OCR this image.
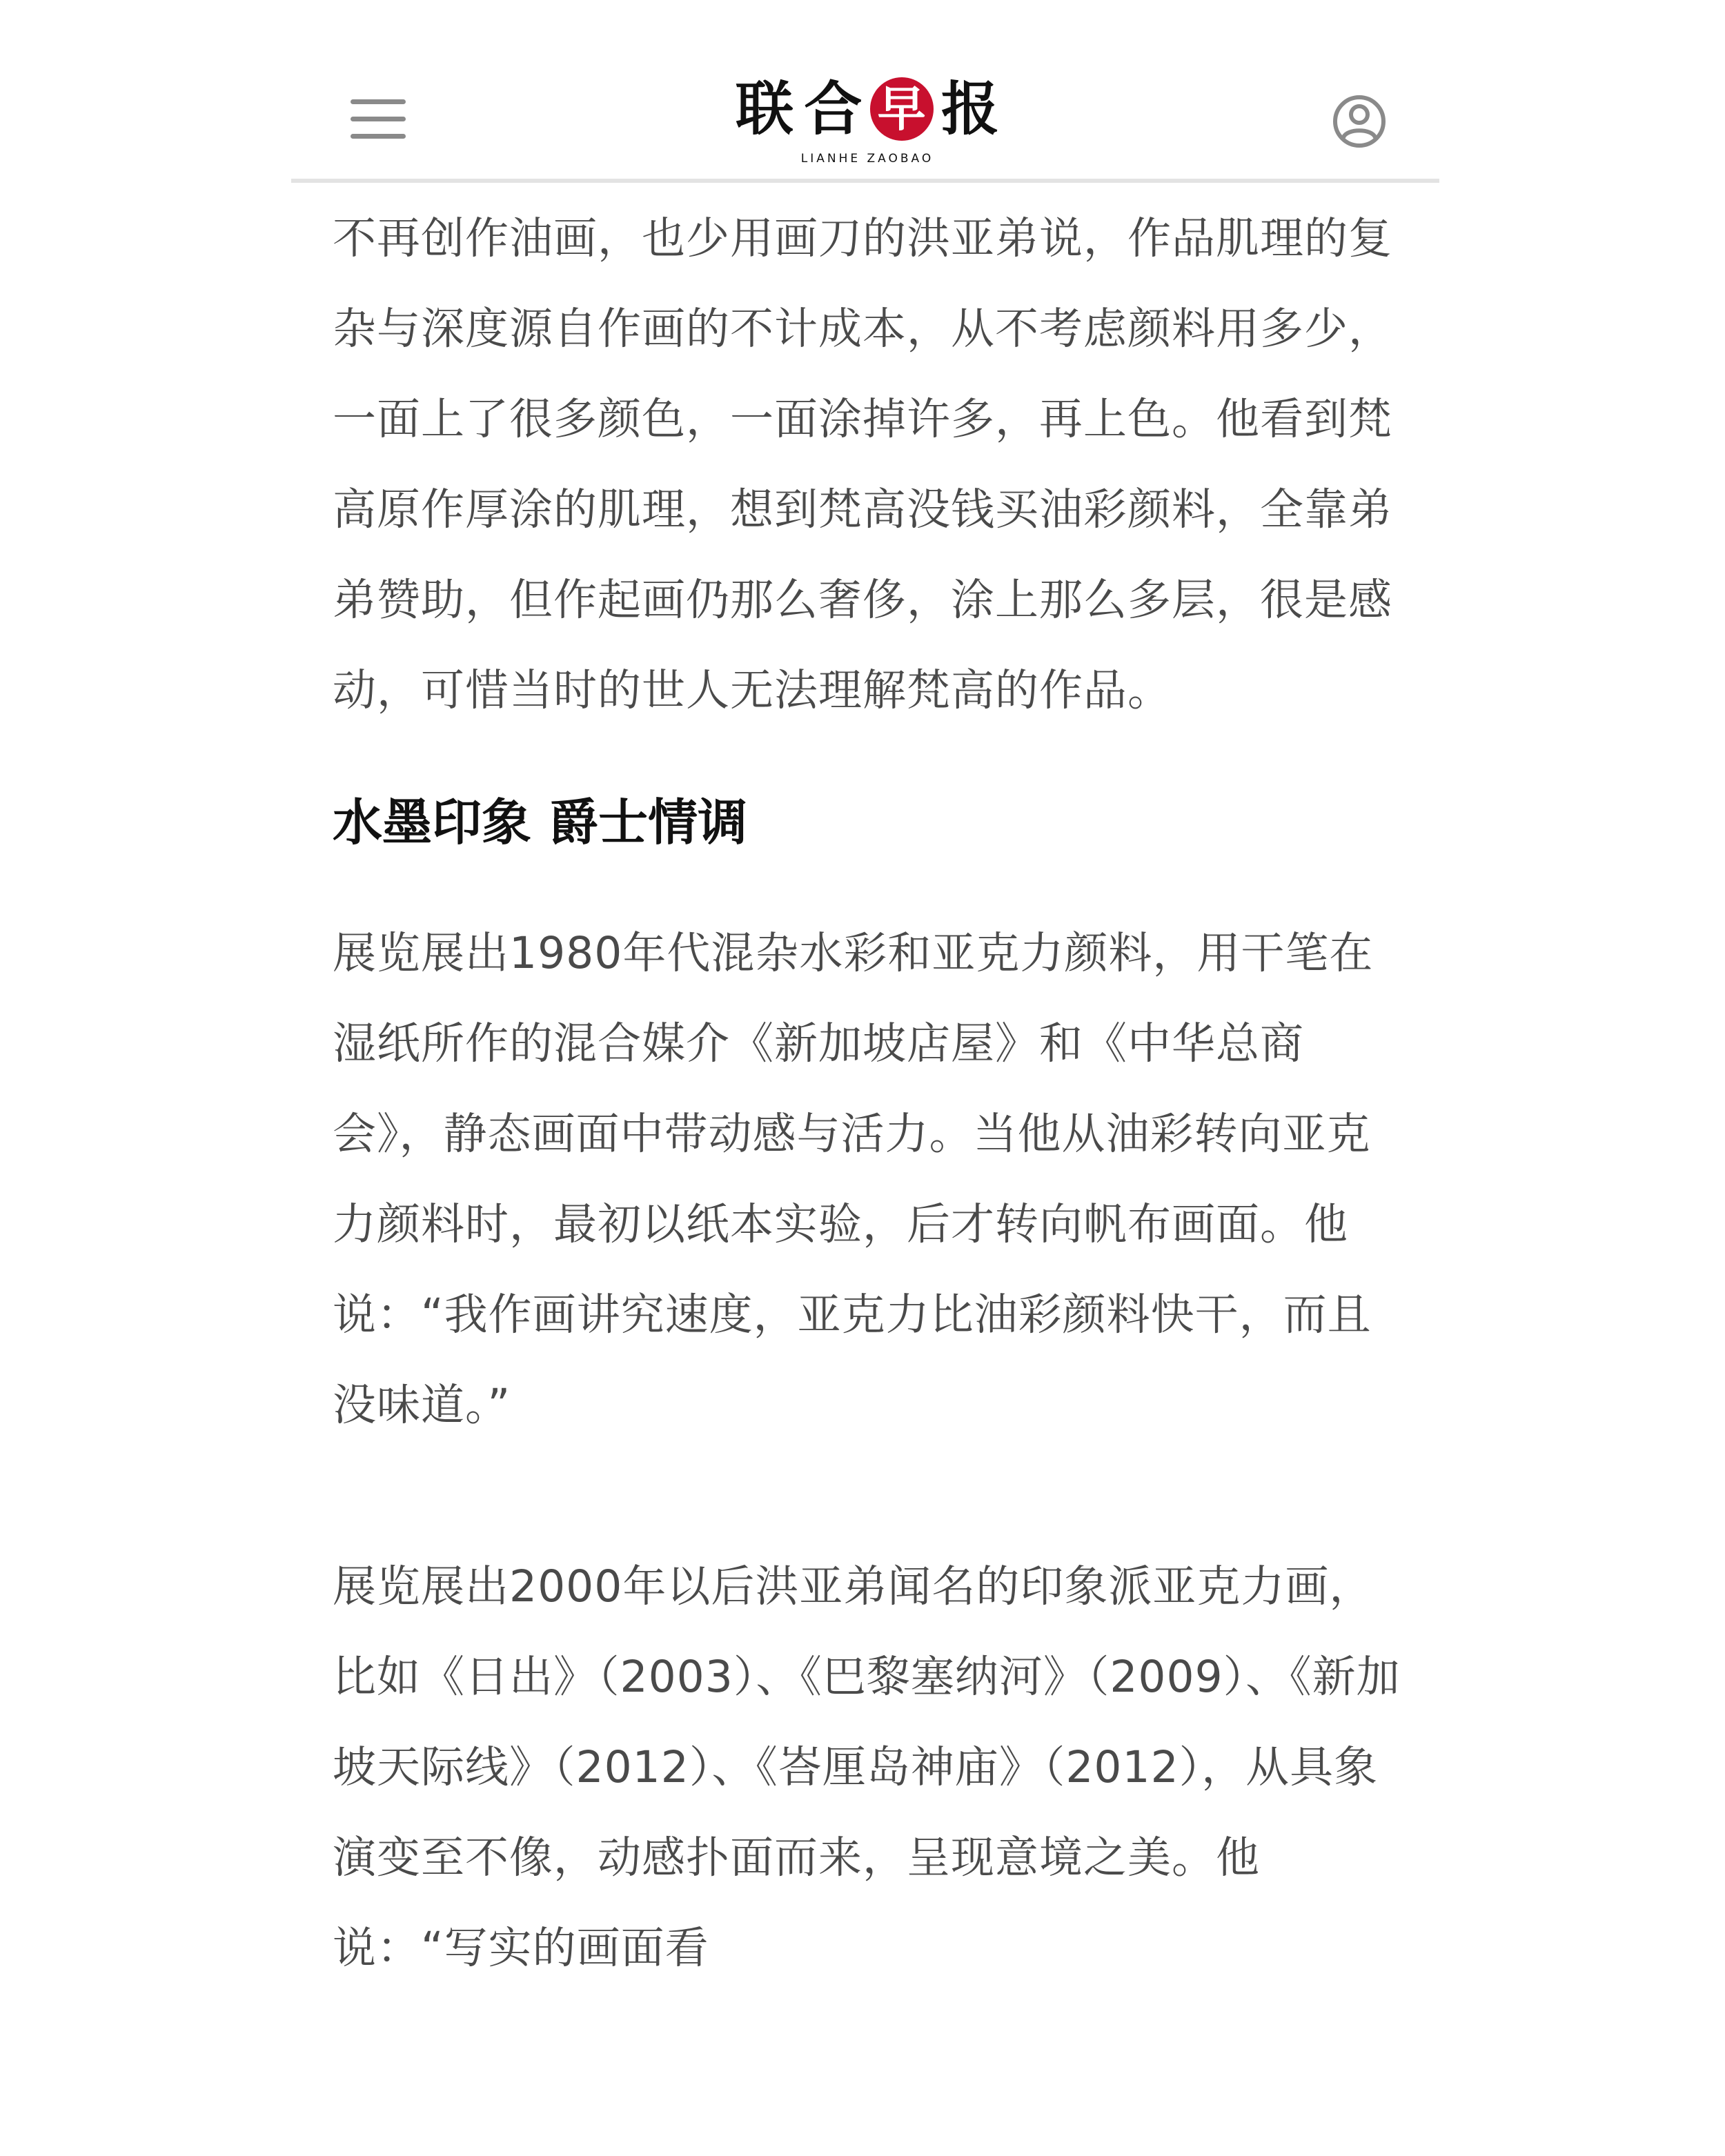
联 合 早 报
LIANHE ZAOBAO

不再创作油画，也少用画刀的洪亚弟说，作品肌理的复杂与深度源自作画的不计成本，从不考虑颜料用多少，一面上了很多颜色，一面涂掉许多，再上色。他看到梵高原作厚涂的肌理，想到梵高没钱买油彩颜料，全靠弟弟赞助，但作起画仍那么奢侈，涂上那么多层，很是感动，可惜当时的世人无法理解梵高的作品。

水墨印象 爵士情调

展览展出1980年代混杂水彩和亚克力颜料，用干笔在湿纸所作的混合媒介《新加坡店屋》和《中华总商会》，静态画面中带动感与活力。当他从油彩转向亚克力颜料时，最初以纸本实验，后才转向帆布画面。他说：“我作画讲究速度，亚克力比油彩颜料快干，而且没味道。”

展览展出2000年以后洪亚弟闻名的印象派亚克力画，比如《日出》（2003）、《巴黎塞纳河》（2009）、《新加坡天际线》（2012）、《峇厘岛神庙》（2012），从具象演变至不像，动感扑面而来，呈现意境之美。他说：“写实的画面看
